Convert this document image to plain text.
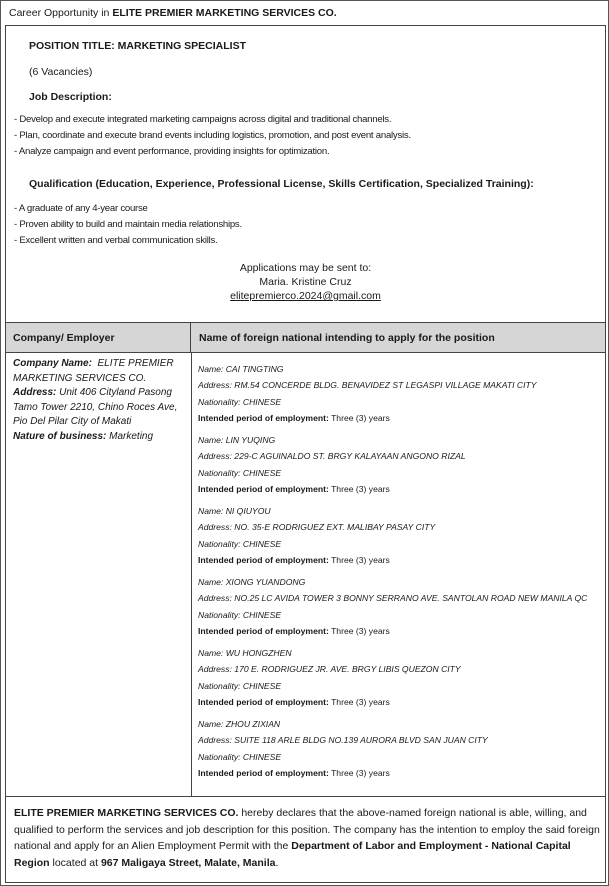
Career Opportunity in ELITE PREMIER MARKETING SERVICES CO.
POSITION TITLE: MARKETING SPECIALIST
(6 Vacancies)
Job Description:
- Develop and execute integrated marketing campaigns across digital and traditional channels.
- Plan, coordinate and execute brand events including logistics, promotion, and post event analysis.
- Analyze campaign and event performance, providing insights for optimization.
Qualification (Education, Experience, Professional License, Skills Certification, Specialized Training):
- A graduate of any 4-year course
- Proven ability to build and maintain media relationships.
- Excellent written and verbal communication skills.
Applications may be sent to:
Maria. Kristine Cruz
elitepremierco.2024@gmail.com
Company/ Employer	Name of foreign national intending to apply for the position
Company Name: ELITE PREMIER MARKETING SERVICES CO.
Address: Unit 406 Cityland Pasong Tamo Tower 2210, Chino Roces Ave, Pio Del Pilar City of Makati
Nature of business: Marketing
Name: CAI TINGTING
Address: RM.54 CONCERDE BLDG. BENAVIDEZ ST LEGASPI VILLAGE MAKATI CITY
Nationality: CHINESE
Intended period of employment: Three (3) years
Name: LIN YUQING
Address: 229-C AGUINALDO ST. BRGY KALAYAAN ANGONO RIZAL
Nationality: CHINESE
Intended period of employment: Three (3) years
Name: NI QIUYOU
Address: NO. 35-E RODRIGUEZ EXT. MALIBAY PASAY CITY
Nationality: CHINESE
Intended period of employment: Three (3) years
Name: XIONG YUANDONG
Address: NO.25 LC AVIDA TOWER 3 BONNY SERRANO AVE. SANTOLAN ROAD NEW MANILA QC
Nationality: CHINESE
Intended period of employment: Three (3) years
Name: WU HONGZHEN
Address: 170 E. RODRIGUEZ JR. AVE. BRGY LIBIS QUEZON CITY
Nationality: CHINESE
Intended period of employment: Three (3) years
Name: ZHOU ZIXIAN
Address: SUITE 118 ARLE BLDG NO.139 AURORA BLVD SAN JUAN CITY
Nationality: CHINESE
Intended period of employment: Three (3) years
ELITE PREMIER MARKETING SERVICES CO. hereby declares that the above-named foreign national is able, willing, and qualified to perform the services and job description for this position. The company has the intention to employ the said foreign national and apply for an Alien Employment Permit with the Department of Labor and Employment - National Capital Region located at 967 Maligaya Street, Malate, Manila.
